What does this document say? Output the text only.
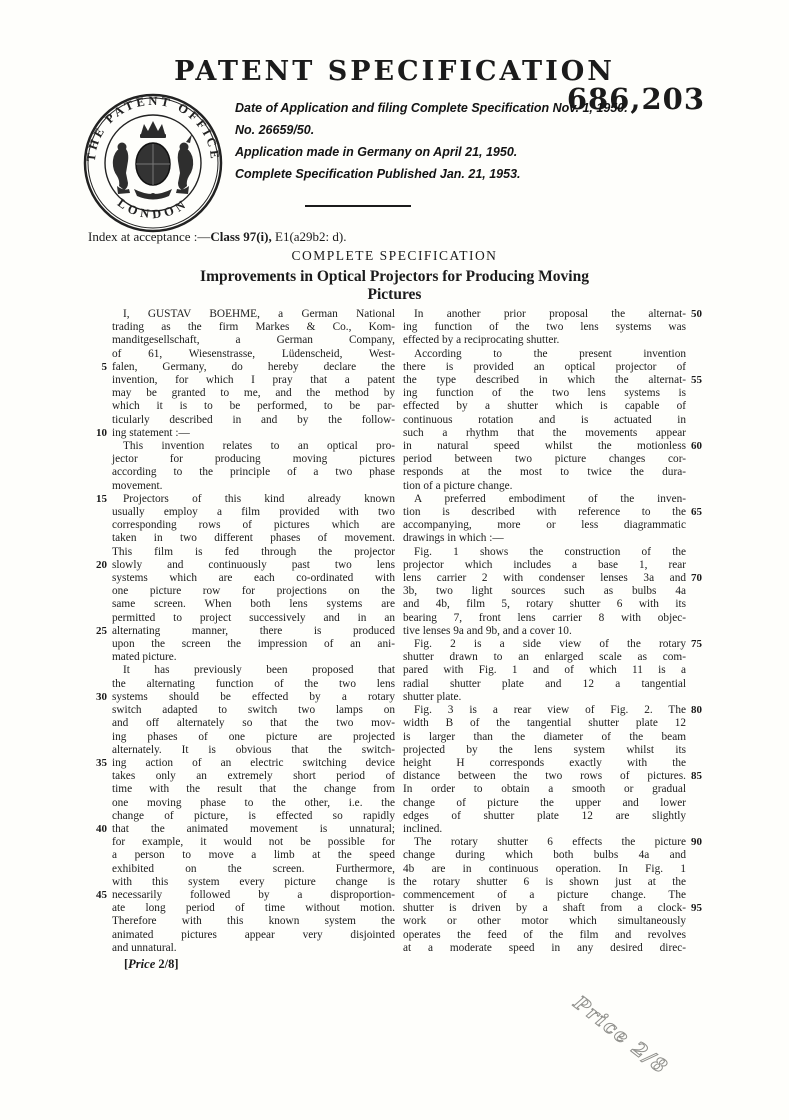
PATENT SPECIFICATION
686,203
THE PATENT OFFICE
LONDON
Date of Application and filing Complete Specification Nov. 1, 1950.
No. 26659/50.
Application made in Germany on April 21, 1950.
Complete Specification Published Jan. 21, 1953.
Index at acceptance :—Class 97(i), E1(a29b2: d).
COMPLETE SPECIFICATION
Improvements in Optical Projectors for Producing Moving
Pictures
I, GUSTAV BOEHME, a German National
trading as the firm Markes & Co., Kom-
manditgesellschaft, a German Company,
of 61, Wiesenstrasse, Lüdenscheid, West-
5 falen, Germany, do hereby declare the
invention, for which I pray that a patent
may be granted to me, and the method by
which it is to be performed, to be par-
ticularly described in and by the follow-
10 ing statement :—
This invention relates to an optical pro-
jector for producing moving pictures
according to the principle of a two phase
movement.
15	Projectors of this kind already known
usually employ a film provided with two
corresponding rows of pictures which are
taken in two different phases of movement.
This film is fed through the projector
20 slowly and continuously past two lens
systems which are each co-ordinated with
one picture row for projections on the
same screen. When both lens systems are
permitted to project successively and in an
25 alternating manner, there is produced
upon the screen the impression of an ani-
mated picture.
It has previously been proposed that
the alternating function of the two lens
30 systems should be effected by a rotary
switch adapted to switch two lamps on
and off alternately so that the two mov-
ing phases of one picture are projected
alternately. It is obvious that the switch-
35 ing action of an electric switching device
takes only an extremely short period of
time with the result that the change from
one moving phase to the other, i.e. the
change of picture, is effected so rapidly
40 that the animated movement is unnatural;
for example, it would not be possible for
a person to move a limb at the speed
exhibited on the screen. Furthermore,
with this system every picture change is
45 necessarily followed by a disproportion-
ate long period of time without motion.
Therefore with this known system the
animated pictures appear very disjointed
and unnatural.
In another prior proposal the alternat- 50
ing function of the two lens systems was
effected by a reciprocating shutter.
According to the present invention
there is provided an optical projector of
the type described in which the alternat- 55
ing function of the two lens systems is
effected by a shutter which is capable of
continuous rotation and is actuated in
such a rhythm that the movements appear
in natural speed whilst the motionless 60
period between two picture changes cor-
responds at the most to twice the dura-
tion of a picture change.
A preferred embodiment of the inven-
tion is described with reference to the 65
accompanying, more or less diagrammatic
drawings in which :—
Fig. 1 shows the construction of the
projector which includes a base 1, rear
lens carrier 2 with condenser lenses 3a and 70
3b, two light sources such as bulbs 4a
and 4b, film 5, rotary shutter 6 with its
bearing 7, front lens carrier 8 with objec-
tive lenses 9a and 9b, and a cover 10.
Fig. 2 is a side view of the rotary 75
shutter drawn to an enlarged scale as com-
pared with Fig. 1 and of which 11 is a
radial shutter plate and 12 a tangential
shutter plate.
Fig. 3 is a rear view of Fig. 2. The 80
width B of the tangential shutter plate 12
is larger than the diameter of the beam
projected by the lens system whilst its
height H corresponds exactly with the
distance between the two rows of pictures. 85
In order to obtain a smooth or gradual
change of picture the upper and lower
edges of shutter plate 12 are slightly
inclined.
The rotary shutter 6 effects the picture 90
change during which both bulbs 4a and
4b are in continuous operation. In Fig. 1
the rotary shutter 6 is shown just at the
commencement of a picture change. The
shutter is driven by a shaft from a clock- 95
work or other motor which simultaneously
operates the feed of the film and revolves
at a moderate speed in any desired direc-
[Price 2/8]
Price 2/8
